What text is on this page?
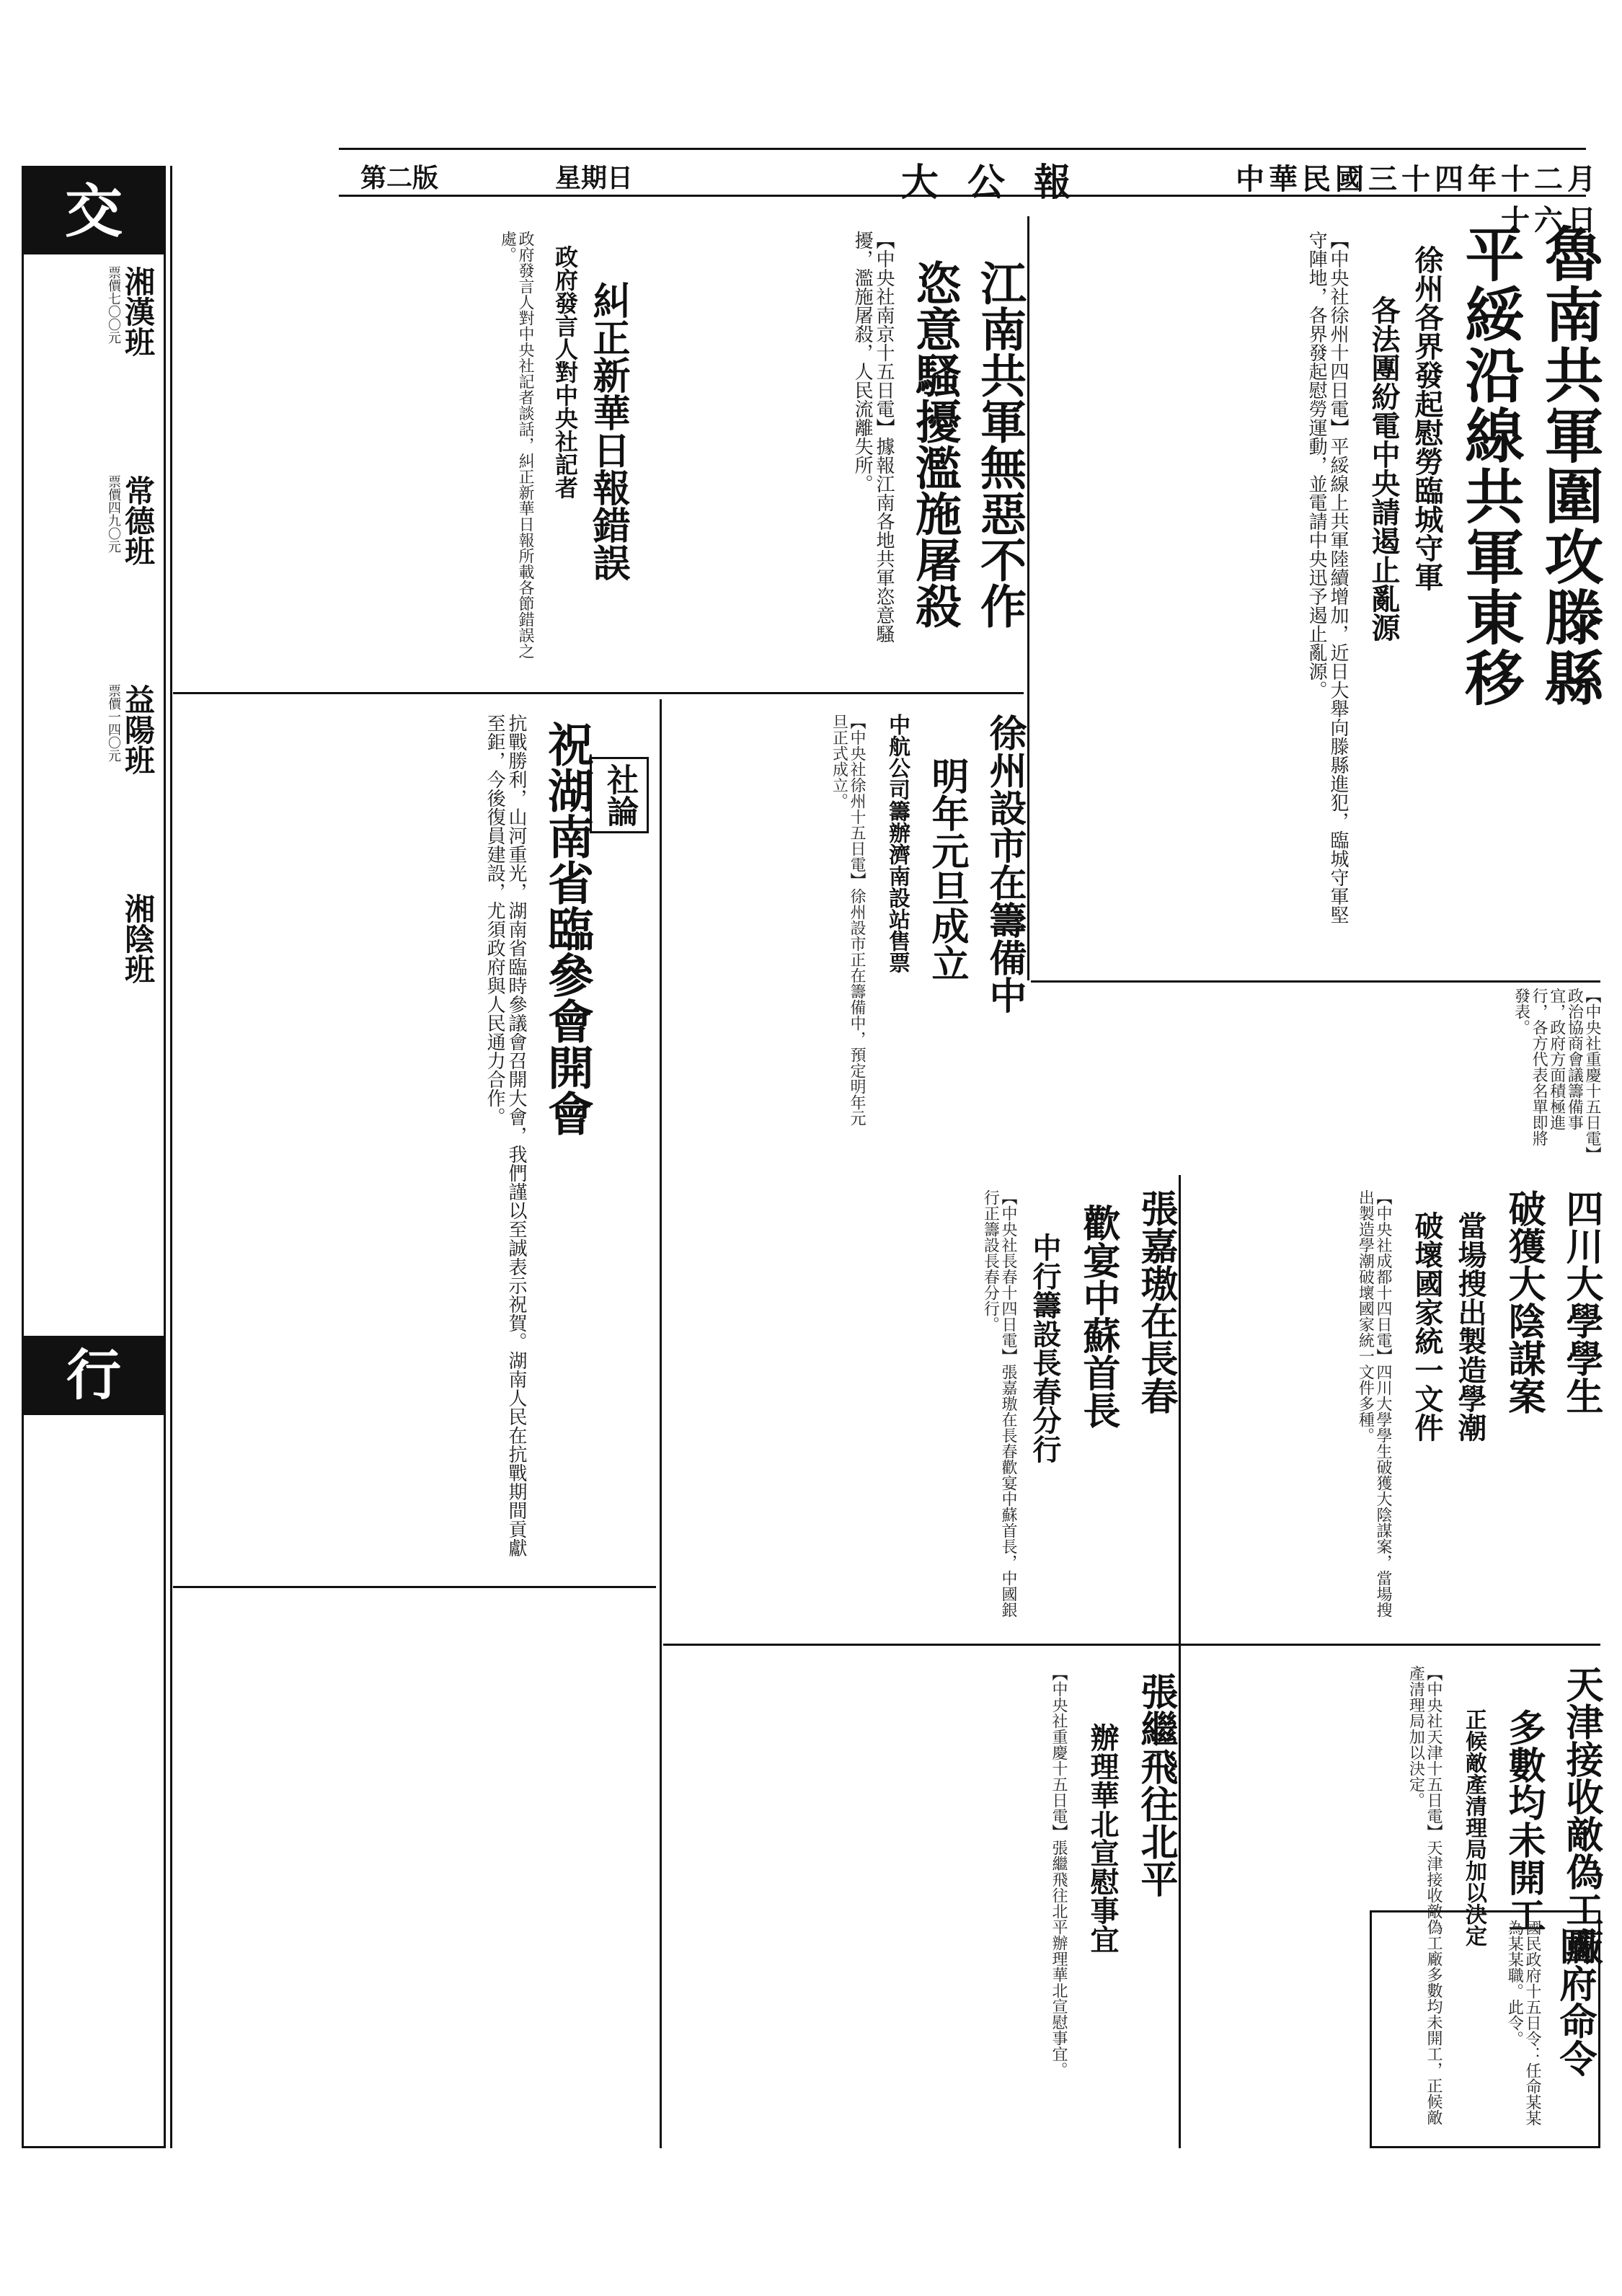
中華民國三十四年十二月十六日
大公報
星期日
第二版
交
湘漢班
票價七〇〇元
常德班
票價四九〇元
益陽班
票價一四〇元
湘陰班
行
魯南共軍圍攻滕縣
平綏沿線共軍東移
徐州各界發起慰勞臨城守軍
各法團紛電中央請遏止亂源
【中央社徐州十四日電】平綏線上共軍陸續增加，近日大舉向滕縣進犯，臨城守軍堅守陣地，各界發起慰勞運動，並電請中央迅予遏止亂源。
江南共軍無惡不作
恣意騷擾濫施屠殺
【中央社南京十五日電】據報江南各地共軍恣意騷擾，濫施屠殺，人民流離失所。
糾正新華日報錯誤
政府發言人對中央社記者
政府發言人對中央社記者談話，糾正新華日報所載各節錯誤之處。
徐州設市在籌備中
明年元旦成立
中航公司籌辦濟南設站售票
【中央社徐州十五日電】徐州設市正在籌備中，預定明年元旦正式成立。
【中央社重慶十五日電】政治協商會議籌備事宜，政府方面積極進行，各方代表名單即將發表。
社論
祝湖南省臨參會開會
抗戰勝利，山河重光，湖南省臨時參議會召開大會，我們謹以至誠表示祝賀。湖南人民在抗戰期間貢獻至鉅，今後復員建設，尤須政府與人民通力合作。
四川大學學生
破獲大陰謀案
當場搜出製造學潮
破壞國家統一文件
【中央社成都十四日電】四川大學學生破獲大陰謀案，當場搜出製造學潮破壞國家統一文件多種。
張嘉璈在長春
歡宴中蘇首長
中行籌設長春分行
【中央社長春十四日電】張嘉璈在長春歡宴中蘇首長，中國銀行正籌設長春分行。
天津接收敵偽工廠
多數均未開工
正候敵產清理局加以決定
【中央社天津十五日電】天津接收敵偽工廠多數均未開工，正候敵產清理局加以決定。
張繼飛往北平
辦理華北宣慰事宜
【中央社重慶十五日電】張繼飛往北平辦理華北宣慰事宜。	國府命令
國民政府十五日令：任命某某為某某職。此令。
